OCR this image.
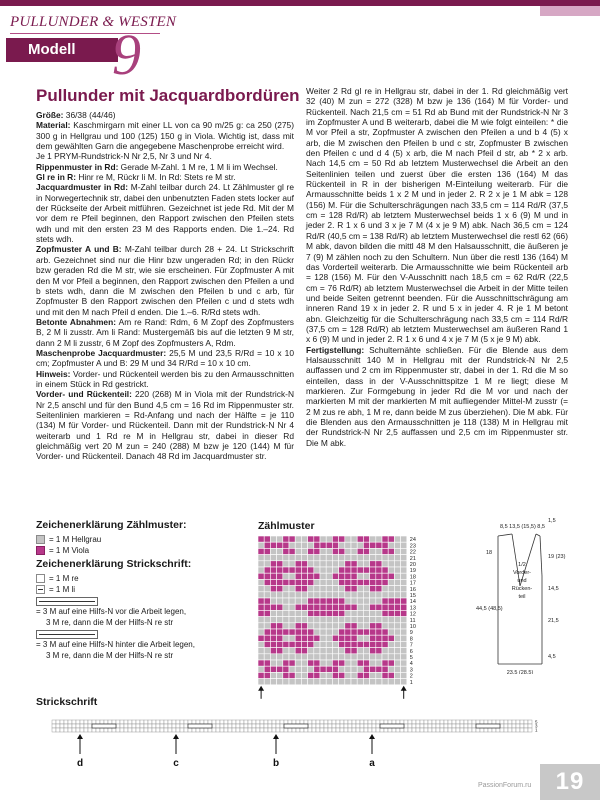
PULLUNDER & WESTEN
Modell 9
Pullunder mit Jacquardbordüren

Größe: 36/38 (44/46)

Material: Kaschmirgarn mit einer LL von ca 90 m/25 g: ca 250 (275) 300 g in Hellgrau und 100 (125) 150 g in Viola. Wichtig ist, dass mit dem gewählten Garn die angegebene Maschenprobe erreicht wird.

Je 1 PRYM-Rundstrick-N Nr 2,5, Nr 3 und Nr 4.

Rippenmuster in Rd: Gerade M-Zahl. 1 M re, 1 M li im Wechsel.

Gl re in R: Hinr re M, Rückr li M. In Rd: Stets re M str.

Jacquardmuster in Rd: M-Zahl teilbar durch 24. Lt Zählmuster gl re in Norwegertechnik str, dabei den unbenutzten Faden stets locker auf der Rückseite der Arbeit mitführen. Gezeichnet ist jede Rd. Mit der M vor dem re Pfeil beginnen, den Rapport zwischen den Pfeilen stets wdh und mit den ersten 23 M des Rapports enden. Die 1.–24. Rd stets wdh.

Zopfmuster A und B: M-Zahl teilbar durch 28 + 24. Lt Strickschrift arb. Gezeichnet sind nur die Hinr bzw ungeraden Rd; in den Rückr bzw geraden Rd die M str, wie sie erscheinen. Für Zopfmuster A mit den M vor Pfeil a beginnen, den Rapport zwischen den Pfeilen a und b stets wdh, dann die M zwischen den Pfeilen b und c arb, für Zopfmuster B den Rapport zwischen den Pfeilen c und d stets wdh und mit den M nach Pfeil d enden. Die 1.–6. R/Rd stets wdh.

Betonte Abnahmen: Am re Rand: Rdm, 6 M Zopf des Zopfmusters B, 2 M li zusstr. Am li Rand: Mustergemäß bis auf die letzten 9 M str, dann 2 M li zusstr, 6 M Zopf des Zopfmusters A, Rdm.

Maschenprobe Jacquardmuster: 25,5 M und 23,5 R/Rd = 10 x 10 cm; Zopfmuster A und B: 29 M und 34 R/Rd = 10 x 10 cm.

Hinweis: Vorder- und Rückenteil werden bis zu den Armausschnitten in einem Stück in Rd gestrickt.

Vorder- und Rückenteil: 220 (268) M in Viola mit der Rundstrick-N Nr 2,5 anschl und für den Bund 4,5 cm = 16 Rd im Rippenmuster str. Seitenlinien markieren = Rd-Anfang und nach der Hälfte = je 110 (134) M für Vorder- und Rückenteil. Dann mit der Rundstrick-N Nr 4 weiterarb und 1 Rd re M in Hellgrau str, dabei in dieser Rd gleichmäßig vert 20 M zun = 240 (288) M bzw je 120 (144) M für Vorder- und Rückenteil. Danach 48 Rd im Jacquardmuster str.

Weiter 2 Rd gl re in Hellgrau str, dabei in der 1. Rd gleichmäßig vert 32 (40) M zun = 272 (328) M bzw je 136 (164) M für Vorder- und Rückenteil. Nach 21,5 cm = 51 Rd ab Bund mit der Rundstrick-N Nr 3 im Zopfmuster A und B weiterarb, dabei die M wie folgt einteilen: * die M vor Pfeil a str, Zopfmuster A zwischen den Pfeilen a und b 4 (5) x arb, die M zwischen den Pfeilen b und c str, Zopfmuster B zwischen den Pfeilen c und d 4 (5) x arb, die M nach Pfeil d str, ab * 2 x arb. Nach 14,5 cm = 50 Rd ab letztem Musterwechsel die Arbeit an den Seitenlinien teilen und zuerst über die ersten 136 (164) M das Rückenteil in R in der bisherigen M-Einteilung weiterarb. Für die Armausschnitte beids 1 x 2 M und in jeder 2. R 2 x je 1 M abk = 128 (156) M. Für die Schulterschrägungen nach 33,5 cm = 114 Rd/R (37,5 cm = 128 Rd/R) ab letztem Musterwechsel beids 1 x 6 (9) M und in jeder 2. R 1 x 6 und 3 x je 7 M (4 x je 9 M) abk. Nach 36,5 cm = 124 Rd/R (40,5 cm = 138 Rd/R) ab letztem Musterwechsel die restl 62 (66) M abk, davon bilden die mittl 48 M den Halsausschnitt, die äußeren je 7 (9) M zählen noch zu den Schultern. Nun über die restl 136 (164) M das Vorderteil weiterarb. Die Armausschnitte wie beim Rückenteil arb = 128 (156) M. Für den V-Ausschnitt nach 18,5 cm = 62 Rd/R (22,5 cm = 76 Rd/R) ab letztem Musterwechsel die Arbeit in der Mitte teilen und beide Seiten getrennt beenden. Für die Ausschnittschrägung am inneren Rand 19 x in jeder 2. R und 5 x in jeder 4. R je 1 M betont abn. Gleichzeitig für die Schulterschrägung nach 33,5 cm = 114 Rd/R (37,5 cm = 128 Rd/R) ab letztem Musterwechsel am äußeren Rand 1 x 6 (9) M und in jeder 2. R 1 x 6 und 4 x je 7 M (5 x je 9 M) abk.

Fertigstellung: Schulternähte schließen. Für die Blende aus dem Halsausschnitt 140 M in Hellgrau mit der Rundstrick-N Nr 2,5 auffassen und 2 cm im Rippenmuster str, dabei in der 1. Rd die M so einteilen, dass in der V-Ausschnittspitze 1 M re liegt; diese M markieren. Zur Formgebung in jeder Rd die M vor und nach der markierten M mit der markierten M mit aufliegender Mittel-M zusstr (= 2 M zus re abh, 1 M re, dann beide M zus überziehen). Die M abk. Für die Blenden aus den Armausschnitten je 118 (138) M in Hellgrau mit der Rundstrick-N Nr 2,5 auffassen und 2,5 cm im Rippenmuster str. Die M abk.

Zeichenerklärung Zählmuster:

= 1 M Hellgrau

= 1 M Viola

Zeichenerklärung Strickschrift:

= 1 M re

= 1 M li

= 3 M auf eine Hilfs-N vor die Arbeit legen,

3 M re, dann die M der Hilfs-N re str

= 3 M auf eine Hilfs-N hinter die Arbeit legen,

3 M re, dann die M der Hilfs-N re str

Zählmuster
24
23
22
21
20
19
18
17
16
15
14
13
12
11
10
9
8
7
6
5
4
3
2
1
8,5 13,5 (15,5) 8,5
1,5
18
44,5 (48,5)
19 (23)
14,5
21,5
4,5
23,5 (28,5)
1/2
Vorder-
und
Rücken-
teil
Strickschrift
5
3
1
d	c	b	a
19
PassionForum.ru
